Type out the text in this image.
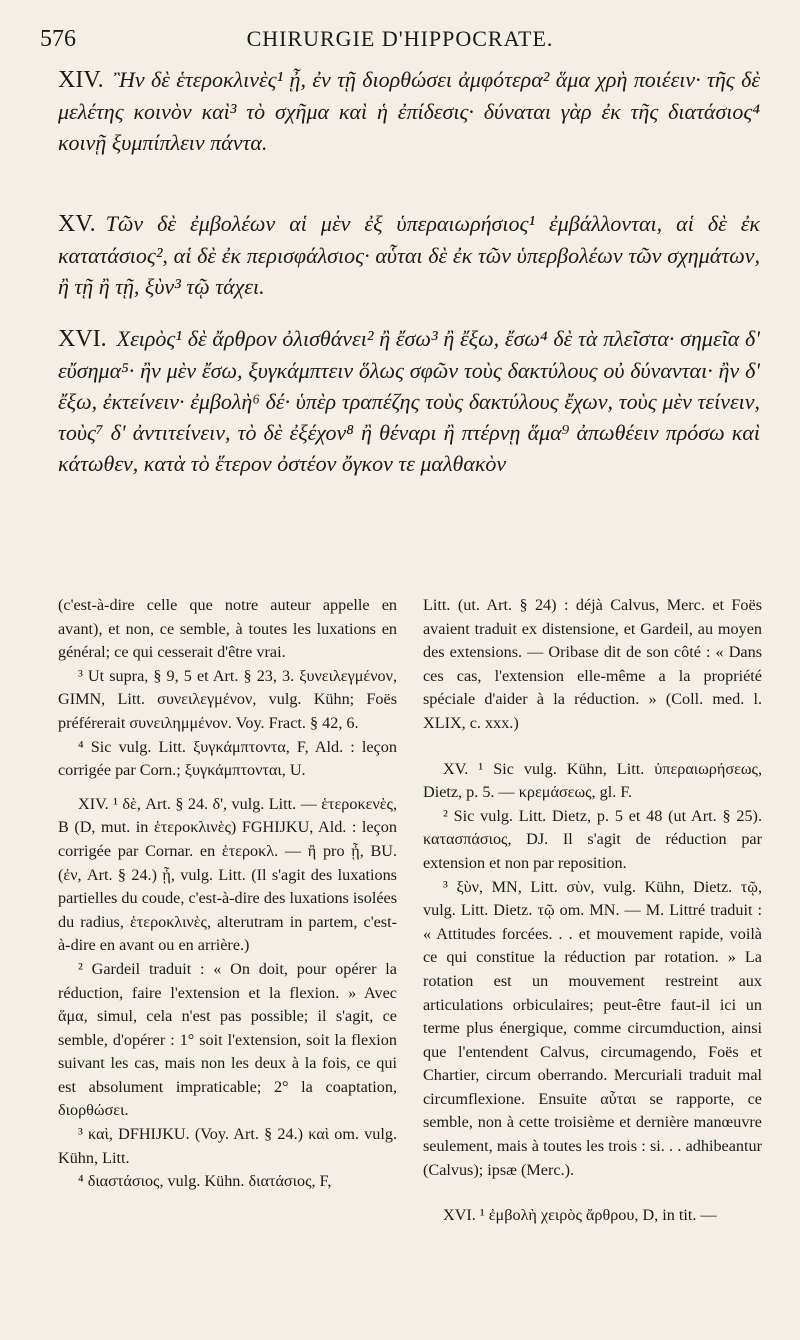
576	CHIRURGIE D'HIPPOCRATE.

XIV. Ἢν δὲ ἑτεροκλινὲς¹ ᾖ, ἐν τῇ διορθώσει ἀμφότερα² ἅμα χρὴ ποιέειν· τῆς δὲ μελέτης κοινὸν καὶ³ τὸ σχῆμα καὶ ἡ ἐπίδεσις· δύναται γὰρ ἐκ τῆς διατάσιος⁴ κοινῇ ξυμπίπλειν πάντα.

XV. Τῶν δὲ ἐμβολέων αἱ μὲν ἐξ ὑπεραιωρήσιος¹ ἐμβάλλονται, αἱ δὲ ἐκ κατατάσιος², αἱ δὲ ἐκ περισφάλσιος· αὗται δὲ ἐκ τῶν ὑπερβολέων τῶν σχημάτων, ἢ τῇ ἢ τῇ, ξὺν³ τῷ τάχει.

XVI. Χειρὸς¹ δὲ ἄρθρον ὀλισθάνει² ἢ ἔσω³ ἢ ἔξω, ἔσω⁴ δὲ τὰ πλεῖστα· σημεῖα δ' εὔσημα⁵· ἢν μὲν ἔσω, ξυγκάμπτειν ὅλως σφῶν τοὺς δακτύλους οὐ δύνανται· ἢν δ' ἔξω, ἐκτείνειν· ἐμβολὴ⁶ δέ· ὑπὲρ τραπέζης τοὺς δακτύλους ἔχων, τοὺς μὲν τείνειν, τοὺς⁷ δ' ἀντιτείνειν, τὸ δὲ ἐξέχον⁸ ἢ θέναρι ἢ πτέρνῃ ἅμα⁹ ἀπωθέειν πρόσω καὶ κάτωθεν, κατὰ τὸ ἕτερον ὀστέον ὄγκον τε μαλθακὸν

(c'est-à-dire celle que notre auteur appelle en avant), et non, ce semble, à toutes les luxations en général; ce qui cesserait d'être vrai.

³ Ut supra, § 9, 5 et Art. § 23, 3. ξυνειλεγμένον, GIMN, Litt. συνειλεγμένον, vulg. Kühn; Foës préférerait συνειλημμένον. Voy. Fract. § 42, 6.

⁴ Sic vulg. Litt. ξυγκάμπτοντα, F, Ald. : leçon corrigée par Corn.; ξυγκάμπτονται, U.

XIV. ¹ δὲ, Art. § 24. δ', vulg. Litt. — ἑτεροκενὲς, B (D, mut. in ἑτεροκλινὲς) FGHIJKU, Ald. : leçon corrigée par Cornar. en ἑτεροκλ. — ἢ pro ᾖ, BU. (ἐν, Art. § 24.) ᾖ, vulg. Litt. (Il s'agit des luxations partielles du coude, c'est-à-dire des luxations isolées du radius, ἑτεροκλινὲς, alterutram in partem, c'est-à-dire en avant ou en arrière.)

² Gardeil traduit : « On doit, pour opérer la réduction, faire l'extension et la flexion. » Avec ἅμα, simul, cela n'est pas possible; il s'agit, ce semble, d'opérer : 1° soit l'extension, soit la flexion suivant les cas, mais non les deux à la fois, ce qui est absolument impraticable; 2° la coaptation, διορθώσει.

³ καὶ, DFHIJKU. (Voy. Art. § 24.) καὶ om. vulg. Kühn, Litt.

⁴ διαστάσιος, vulg. Kühn. διατάσιος, F,

Litt. (ut. Art. § 24) : déjà Calvus, Merc. et Foës avaient traduit ex distensione, et Gardeil, au moyen des extensions. — Oribase dit de son côté : « Dans ces cas, l'extension elle-même a la propriété spéciale d'aider à la réduction. » (Coll. med. l. XLIX, c. xxx.)

XV. ¹ Sic vulg. Kühn, Litt. ὑπεραιωρήσεως, Dietz, p. 5. — κρεμάσεως, gl. F.

² Sic vulg. Litt. Dietz, p. 5 et 48 (ut Art. § 25). κατασπάσιος, DJ. Il s'agit de réduction par extension et non par reposition.

³ ξὺν, MN, Litt. σὺν, vulg. Kühn, Dietz. τῷ, vulg. Litt. Dietz. τῷ om. MN. — M. Littré traduit : « Attitudes forcées. . . et mouvement rapide, voilà ce qui constitue la réduction par rotation. » La rotation est un mouvement restreint aux articulations orbiculaires; peut-être faut-il ici un terme plus énergique, comme circumduction, ainsi que l'entendent Calvus, circumagendo, Foës et Chartier, circum oberrando. Mercuriali traduit mal circumflexione. Ensuite αὗται se rapporte, ce semble, non à cette troisième et dernière manœuvre seulement, mais à toutes les trois : si. . . adhibeantur (Calvus); ipsæ (Merc.).

XVI. ¹ ἐμβολὴ χειρὸς ἄρθρου, D, in tit. —
